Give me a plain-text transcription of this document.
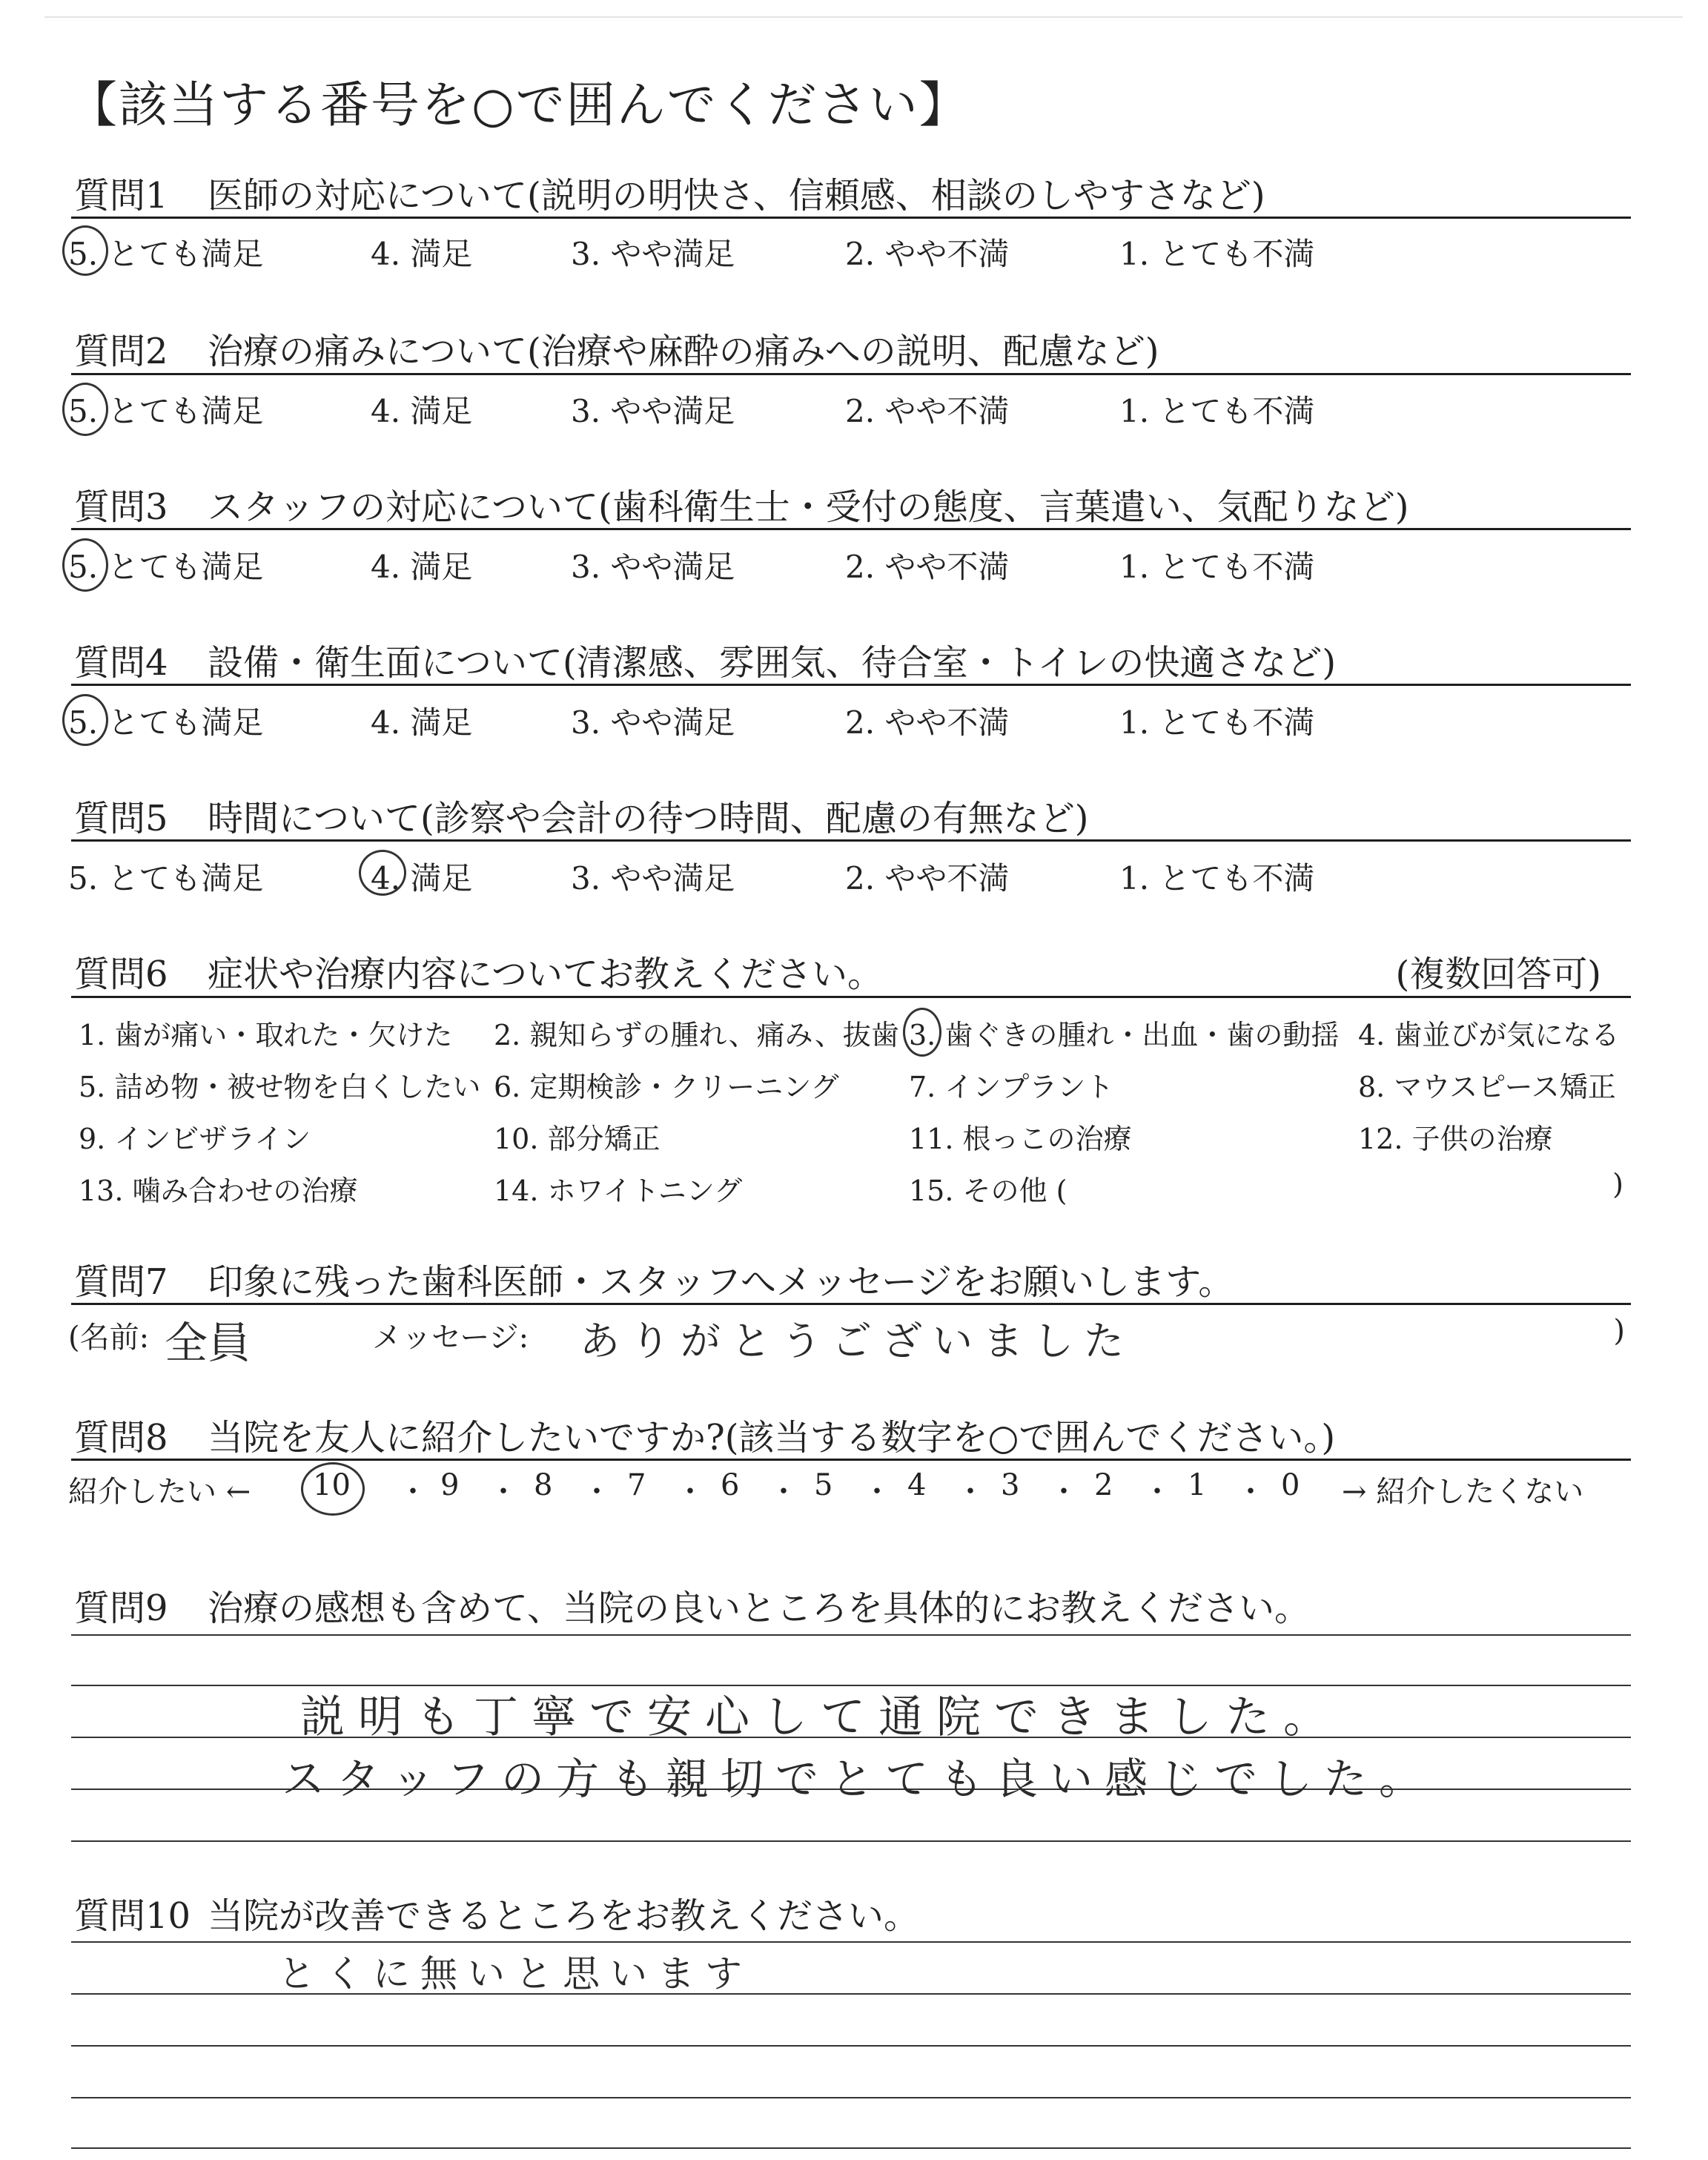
【該当する番号を○で囲んでください】
質問1 医師の対応について(説明の明快さ、信頼感、相談のしやすさなど)
5. とても満足	4. 満足	3. やや満足	2. やや不満	1. とても不満
質問2 治療の痛みについて(治療や麻酔の痛みへの説明、配慮など)
5. とても満足	4. 満足	3. やや満足	2. やや不満	1. とても不満
質問3 スタッフの対応について(歯科衛生士・受付の態度、言葉遣い、気配りなど)
5. とても満足	4. 満足	3. やや満足	2. やや不満	1. とても不満
質問4 設備・衛生面について(清潔感、雰囲気、待合室・トイレの快適さなど)
5. とても満足	4. 満足	3. やや満足	2. やや不満	1. とても不満
質問5 時間について(診察や会計の待つ時間、配慮の有無など)
5. とても満足	4. 満足	3. やや満足	2. やや不満	1. とても不満
質問6 症状や治療内容についてお教えください。	(複数回答可)
1. 歯が痛い・取れた・欠けた 2. 親知らずの腫れ、痛み、抜歯 3. 歯ぐきの腫れ・出血・歯の動揺 4. 歯並びが気になる
5. 詰め物・被せ物を白くしたい 6. 定期検診・クリーニング 7. インプラント	8. マウスピース矯正
9. インビザライン	10. 部分矯正	11. 根っこの治療	12. 子供の治療
13. 噛み合わせの治療	14. ホワイトニング	15. その他 (	)
質問7 印象に残った歯科医師・スタッフへメッセージをお願いします。
(名前: 全員	メッセージ: ありがとうございました	)
質問8 当院を友人に紹介したいですか?(該当する数字を○で囲んでください。)
紹介したい ← 10 ・ 9 ・ 8 ・ 7 ・ 6 ・ 5 ・ 4 ・ 3 ・ 2 ・ 1 ・ 0 → 紹介したくない
質問9 治療の感想も含めて、当院の良いところを具体的にお教えください。
説明も丁寧で安心して通院できました。
スタッフの方も親切でとても良い感じでした。
質問10 当院が改善できるところをお教えください。
とくに無いと思います
